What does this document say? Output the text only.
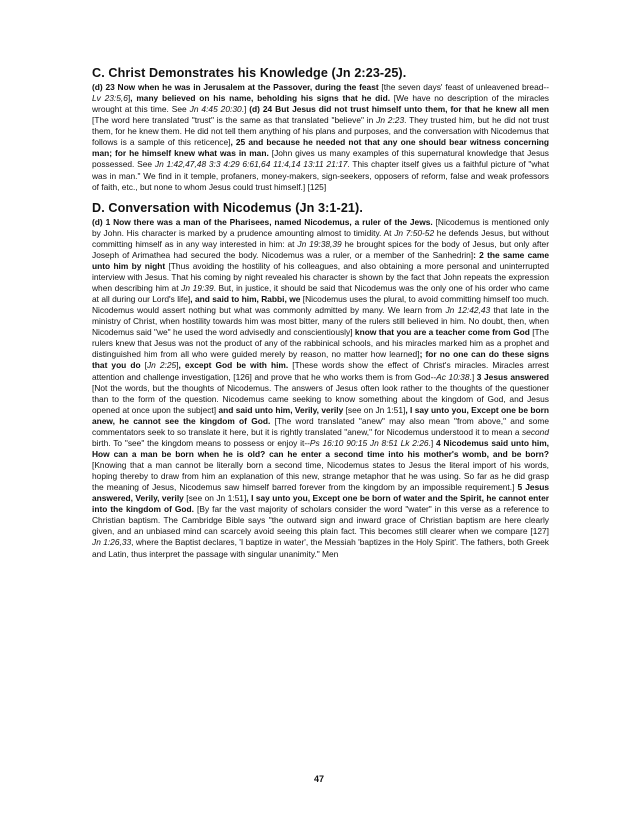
C. Christ Demonstrates his Knowledge (Jn 2:23-25).

(d) 23 Now when he was in Jerusalem at the Passover, during the feast [the seven days' feast of unleavened bread--Lv 23:5,6], many believed on his name, beholding his signs that he did. [We have no description of the miracles wrought at this time. See Jn 4:45 20:30.] (d) 24 But Jesus did not trust himself unto them, for that he knew all men [The word here translated "trust" is the same as that translated "believe" in Jn 2:23. They trusted him, but he did not trust them, for he knew them. He did not tell them anything of his plans and purposes, and the conversation with Nicodemus that follows is a sample of this reticence], 25 and because he needed not that any one should bear witness concerning man; for he himself knew what was in man. [John gives us many examples of this supernatural knowledge that Jesus possessed. See Jn 1:42,47,48 3:3 4:29 6:61,64 11:4,14 13:11 21:17. This chapter itself gives us a faithful picture of "what was in man." We find in it temple, profaners, money-makers, sign-seekers, opposers of reform, false and weak professors of faith, etc., but none to whom Jesus could trust himself.] [125]

D. Conversation with Nicodemus (Jn 3:1-21).

(d) 1 Now there was a man of the Pharisees, named Nicodemus, a ruler of the Jews. [Nicodemus is mentioned only by John. His character is marked by a prudence amounting almost to timidity. At Jn 7:50-52 he defends Jesus, but without committing himself as in any way interested in him: at Jn 19:38,39 he brought spices for the body of Jesus, but only after Joseph of Arimathea had secured the body. Nicodemus was a ruler, or a member of the Sanhedrin]: 2 the same came unto him by night [Thus avoiding the hostility of his colleagues, and also obtaining a more personal and uninterrupted interview with Jesus. That his coming by night revealed his character is shown by the fact that John repeats the expression when describing him at Jn 19:39. But, in justice, it should be said that Nicodemus was the only one of his order who came at all during our Lord's life], and said to him, Rabbi, we [Nicodemus uses the plural, to avoid committing himself too much. Nicodemus would assert nothing but what was commonly admitted by many. We learn from Jn 12:42,43 that late in the ministry of Christ, when hostility towards him was most bitter, many of the rulers still believed in him. No doubt, then, when Nicodemus said "we" he used the word advisedly and conscientiously] know that you are a teacher come from God [The rulers knew that Jesus was not the product of any of the rabbinical schools, and his miracles marked him as a prophet and distinguished him from all who were guided merely by reason, no matter how learned]; for no one can do these signs that you do [Jn 2:25], except God be with him. [These words show the effect of Christ's miracles. Miracles arrest attention and challenge investigation, [126] and prove that he who works them is from God--Ac 10:38.] 3 Jesus answered [Not the words, but the thoughts of Nicodemus. The answers of Jesus often look rather to the thoughts of the questioner than to the form of the question. Nicodemus came seeking to know something about the kingdom of God, and Jesus opened at once upon the subject] and said unto him, Verily, verily [see on Jn 1:51], I say unto you, Except one be born anew, he cannot see the kingdom of God. [The word translated "anew" may also mean "from above," and some commentators seek to so translate it here, but it is rightly translated "anew," for Nicodemus understood it to mean a second birth. To "see" the kingdom means to possess or enjoy it--Ps 16:10 90:15 Jn 8:51 Lk 2:26.] 4 Nicodemus said unto him, How can a man be born when he is old? can he enter a second time into his mother's womb, and be born? [Knowing that a man cannot be literally born a second time, Nicodemus states to Jesus the literal import of his words, hoping thereby to draw from him an explanation of this new, strange metaphor that he was using. So far as he did grasp the meaning of Jesus, Nicodemus saw himself barred forever from the kingdom by an impossible requirement.] 5 Jesus answered, Verily, verily [see on Jn 1:51], I say unto you, Except one be born of water and the Spirit, he cannot enter into the kingdom of God. [By far the vast majority of scholars consider the word "water" in this verse as a reference to Christian baptism. The Cambridge Bible says "the outward sign and inward grace of Christian baptism are here clearly given, and an unbiased mind can scarcely avoid seeing this plain fact. This becomes still clearer when we compare [127] Jn 1:26,33, where the Baptist declares, 'I baptize in water', the Messiah 'baptizes in the Holy Spirit'. The fathers, both Greek and Latin, thus interpret the passage with singular unanimity." Men

47
